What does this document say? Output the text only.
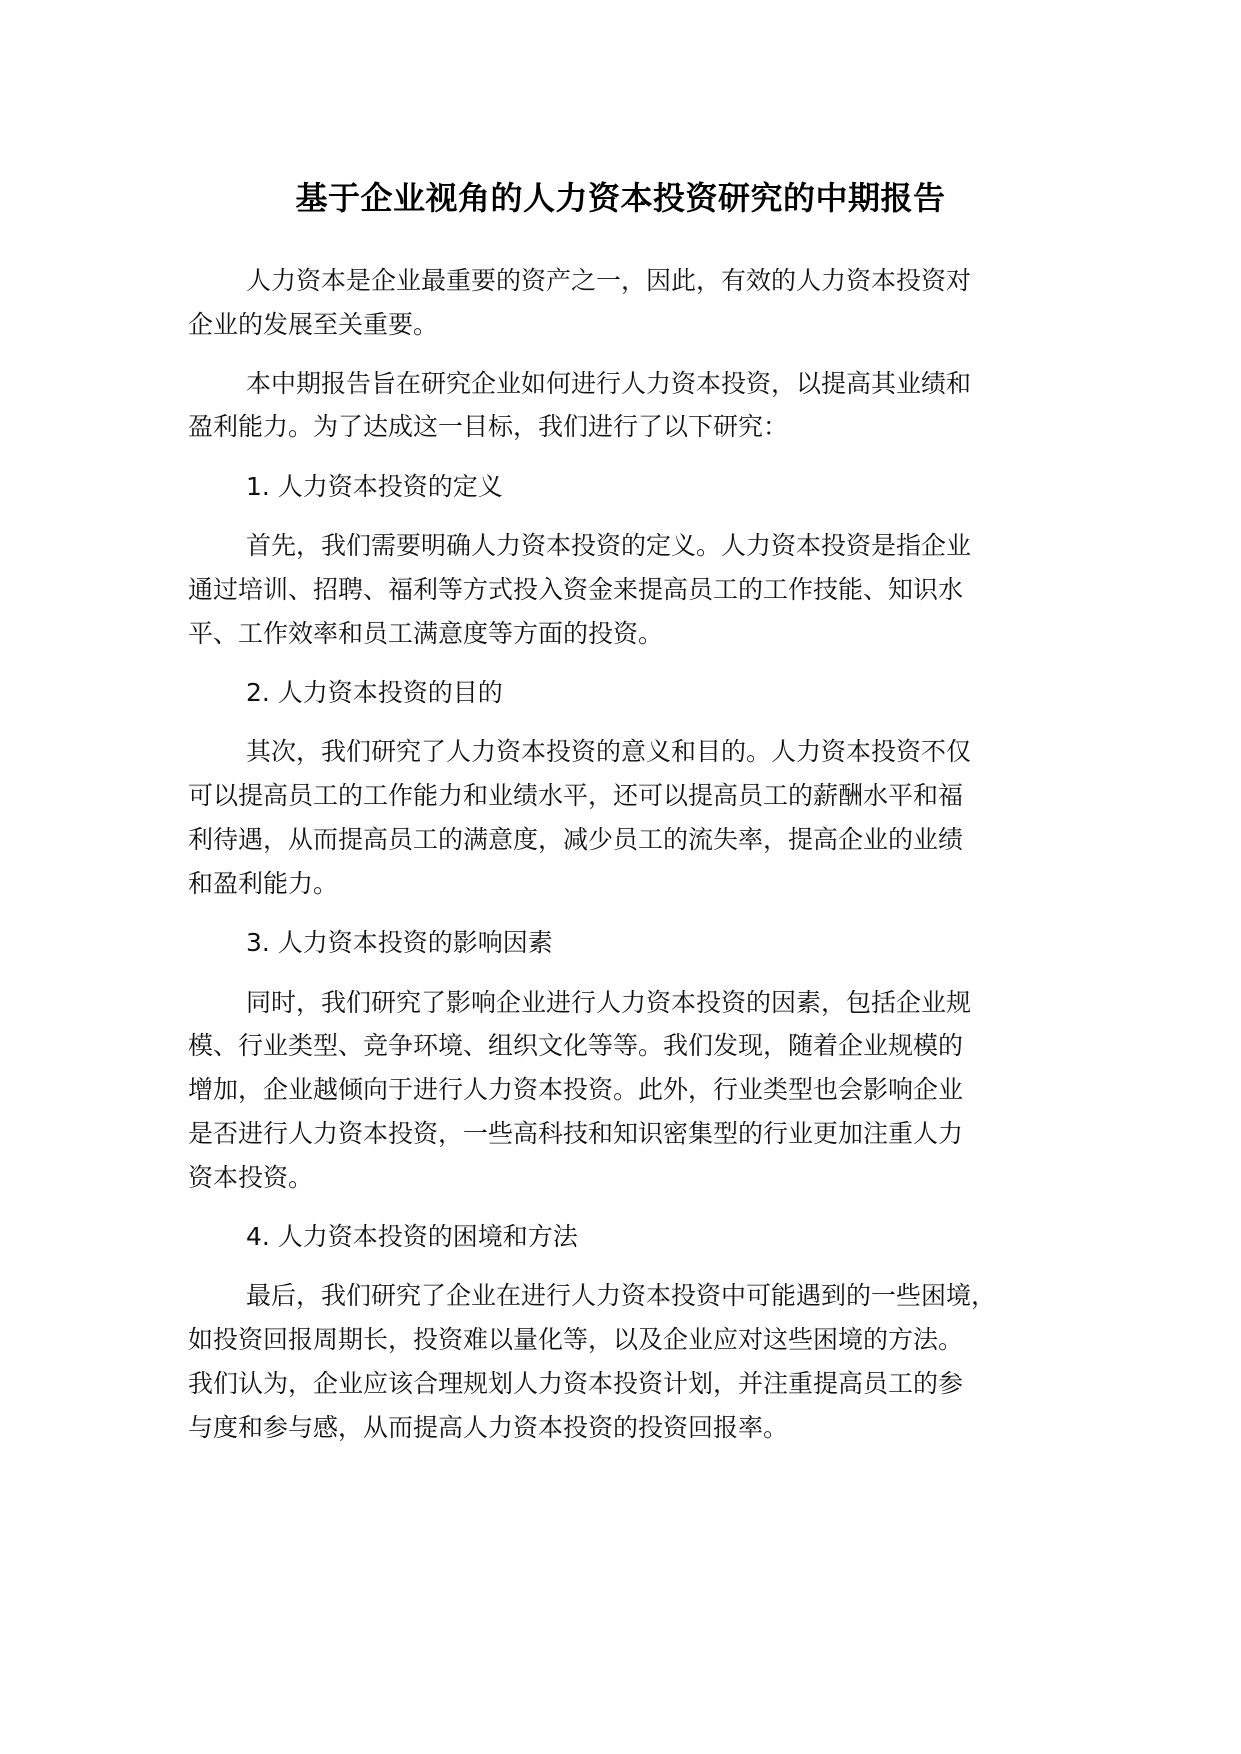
基于企业视角的人力资本投资研究的中期报告
人力资本是企业最重要的资产之一，因此，有效的人力资本投资对
企业的发展至关重要。
本中期报告旨在研究企业如何进行人力资本投资，以提高其业绩和
盈利能力。为了达成这一目标，我们进行了以下研究：
1. 人力资本投资的定义
首先，我们需要明确人力资本投资的定义。人力资本投资是指企业
通过培训、招聘、福利等方式投入资金来提高员工的工作技能、知识水
平、工作效率和员工满意度等方面的投资。
2. 人力资本投资的目的
其次，我们研究了人力资本投资的意义和目的。人力资本投资不仅
可以提高员工的工作能力和业绩水平，还可以提高员工的薪酬水平和福
利待遇，从而提高员工的满意度，减少员工的流失率，提高企业的业绩
和盈利能力。
3. 人力资本投资的影响因素
同时，我们研究了影响企业进行人力资本投资的因素，包括企业规
模、行业类型、竞争环境、组织文化等等。我们发现，随着企业规模的
增加，企业越倾向于进行人力资本投资。此外，行业类型也会影响企业
是否进行人力资本投资，一些高科技和知识密集型的行业更加注重人力
资本投资。
4. 人力资本投资的困境和方法
最后，我们研究了企业在进行人力资本投资中可能遇到的一些困境，
如投资回报周期长，投资难以量化等，以及企业应对这些困境的方法。
我们认为，企业应该合理规划人力资本投资计划，并注重提高员工的参
与度和参与感，从而提高人力资本投资的投资回报率。
